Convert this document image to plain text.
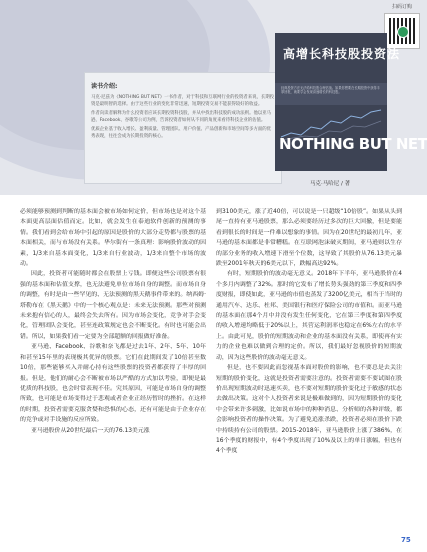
扫码订购
读书介绍:

马克·尼兹为《NOTHING BUT NET》一书作者，对于科技和互联网行业的投资者来说，长期投资是最明智的选择。由于这些行业的变化非常迅速，短期投资交易不能获得较好的收益。

作者向读者解释为什么投资者应该长期投资科技股，并从中找出科技股的成功法则。他以亚马逊、Facebook、谷歌等公司为例，告诉投资者如何从不同的角度来看待科技企业的估值。

优质企业基于收入增长、盈利质量、管理团队、用户价值、产品创新和市场空间等多方面的优秀表现，往往会成为长期投资的核心。

高增长科技股投资法
经典投资方法无法给科技股合理估值。如果你想要在长期投资中获得丰厚回报，就要学会发现高速增长的科技股。
NOTHING BUT NET
马克·马哈尼 / 著

必须能够预测到判断的基本面会被市场如何定价，但市场也是对这个基本面更高层面估值而定。比如，就会发生在泰迪软件创新的预测的事情。我们看到会给市场中引起的原因是股价的大部分走势都与股票的基本面相关，而与市场没有关系。华尔街有一条真理：影响股价波动的因素，1/3来自基本面变化，1/3来自行业波动，1/3来自整个市场的波动。

因此，投资者可能随时都会在股票上亏钱。即便这些公司股票有很强的基本面和估值支撑，也无法避免单位市场自身的调整。而市场自身的调整，有时是由一些罕见的、无法预测的黑天鹅事件带来的。纳西姆·塔勒布在《黑天鹅》中的一个核心观点是：未来无法预测。那些对预测未来抱有信心的人，最终会失去所有。因为市场会变化，竞争对手会变化，管理团队会变化，甚至连政策规定也会不断变化。有时也可能会出错。所以，如果我们看一定要为全部超额的回报做好准备。

亚马逊、Facebook、谷歌和奈飞都是过去1年、2年、5年、10年和甚至15年里的表现极其优异的股票。它们在此期间发了10倍甚至数10倍，那些能够买入并耐心持有这些股票的投资者都获得了丰厚的回报。但是，他们的耐心会不断被市场以严酷的方式加以考验，即便是最优质的科技股，也会时常表现不佳。究其原因，可能是市场自身的调整所致，也可能是市场变得过于悲观或者企业正经历暂时的挫折。在这样的时期，投资者需要克服贪婪和恐惧的心态，还有可能是由于企业存在的竞争或对手设施的反应所致。

亚马逊股价从20世纪最后一天的76.13美元涨

到3100美元，涨了近40倍，可以说是一只超级“10倍股”。如果从头到尾一直持有亚马逊股票，那么必须要经历过多次的巨大回撤，但是要能看到很长的时间是一件难以想象的事情。因为在20世纪的最初几年，亚马逊的基本面都是非常糟糕。在互联网泡沫破灭期间，亚马逊则以生存的部分业务的收入增速下滑至个位数，这导致了其股价从76.13美元暴跌至2001年秋天的6美元以下，跌幅高达92%。

有时，短期股价的波动毫无意义。2018年下半年，亚马逊股价在4个多月内调整了32%。那时的它发布了增长势头强劲的第三季度和四季度财报，即使如此，亚马逊的市值也蒸发了3200亿美元，相当于当时的通用汽车、达乐、杜邦、美国银行和医疗保险公司的市值和。而亚马逊的基本面在那4个月中并没有发生任何变化，它在第三季度和第四季度的收入增速均略低于20%以上，其营运利润率也稳定在6%左右的水平上。由此可见，股价的短期波动和企业的基本面没有关系，即使再有实力的企业也难以做到合理的定价。所以，我们最好忽视股价的短期波动，因为这些股价的波动毫无意义。

但是，也不要因此而忽视基本面对股价的影响，也不要总是去关注短期的股价变化，这就是投资者需要注意的。投资者需要不要试图在股价出现短期波动时迅速买卖，也不要对短期的股价变化过于敏感的状态去做出决策。这对个人投资者来说是极难做到的，因为短期股价的变化中会带来许多刺激，比如说市场中的种种消息、分析师的各种评级，都会影响投资者的操作决策。为了避免追涨杀跌，投资者必须在股价下跌中持续持有公司的股票。2015-2018年，亚马逊股价上涨了386%，在16个季度的财报中，有4个季度出现了10%及以上的单日涨幅，但也有4个季度

75
